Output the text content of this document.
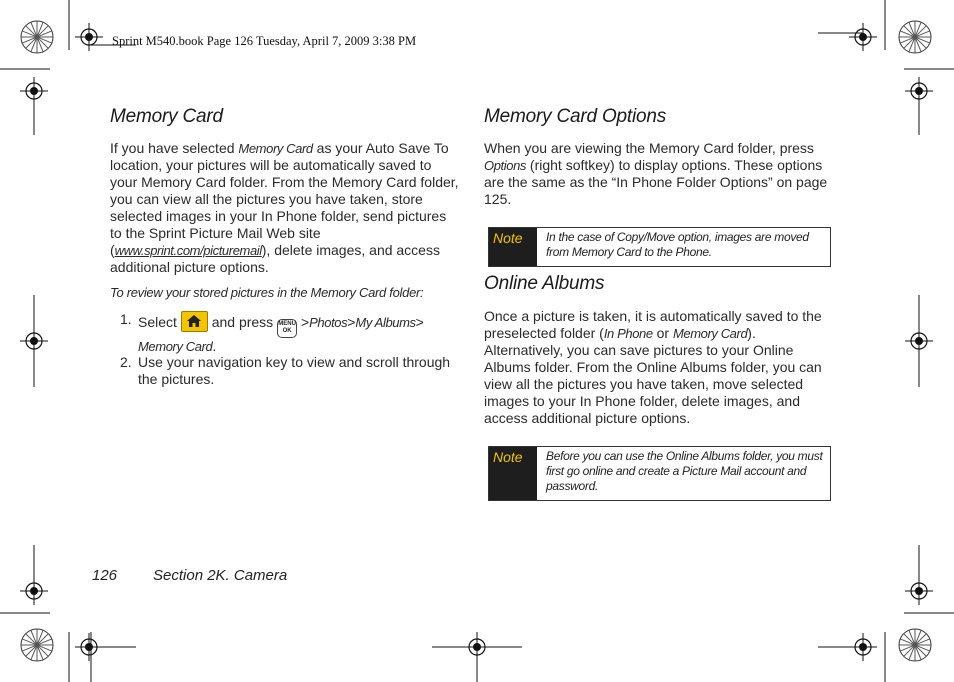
Sprint M540.book Page 126 Tuesday, April 7, 2009 3:38 PM
Memory Card

If you have selected Memory Card as your Auto Save To location, your pictures will be automatically saved to your Memory Card folder. From the Memory Card folder, you can view all the pictures you have taken, store selected images in your In Phone folder, send pictures to the Sprint Picture Mail Web site (www.sprint.com/picturemail), delete images, and access additional picture options.

To review your stored pictures in the Memory Card folder:
1. Select and press MENU
OK >Photos>My Albums>
Memory Card.
2. Use your navigation key to view and scroll through the pictures.
Memory Card Options

When you are viewing the Memory Card folder, press Options (right softkey) to display options. These options are the same as the “In Phone Folder Options” on page 125.

Note In the case of Copy/Move option, images are moved from Memory Card to the Phone.
Online Albums

Once a picture is taken, it is automatically saved to the preselected folder (In Phone or Memory Card). Alternatively, you can save pictures to your Online Albums folder. From the Online Albums folder, you can view all the pictures you have taken, move selected images to your In Phone folder, delete images, and access additional picture options.

Note Before you can use the Online Albums folder, you must first go online and create a Picture Mail account and password.
126 Section 2K. Camera
